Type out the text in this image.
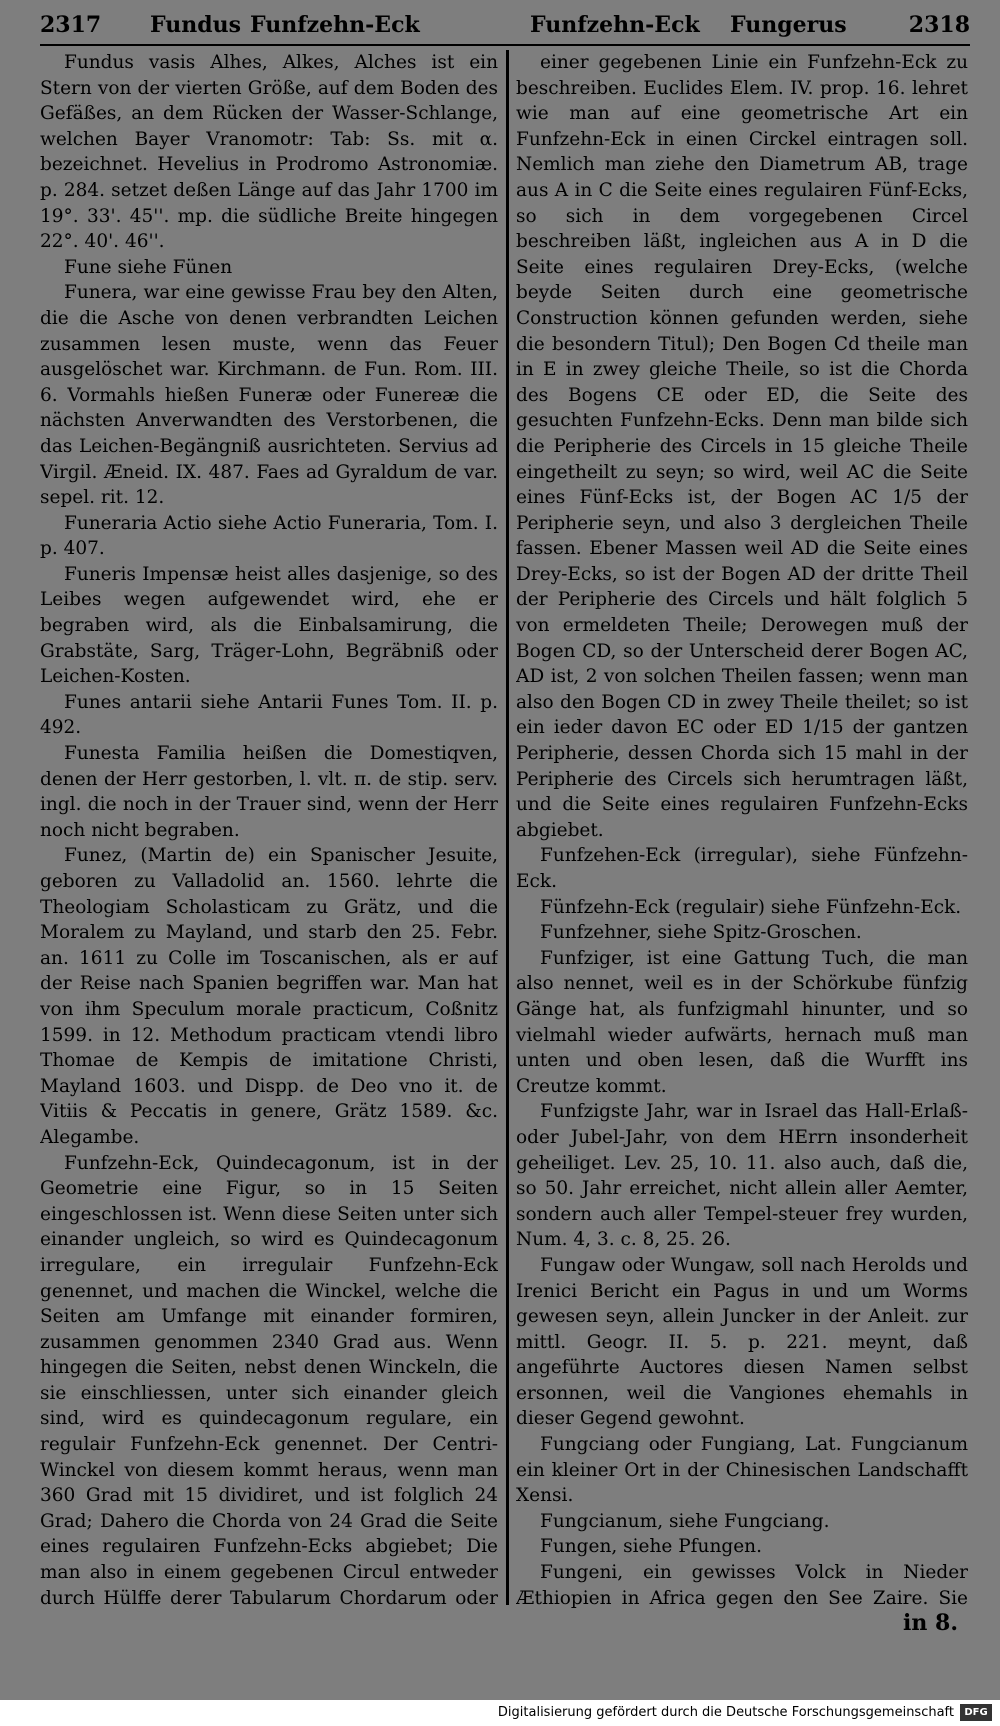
2317 Fundus Funfzehn-Eck	Funfzehn-Eck Fungerus	2318

Fundus vasis Alhes, Alkes, Alches ist ein Stern von der vierten Größe, auf dem Boden des Gefäßes, an dem Rücken der Wasser-Schlange, welchen Bayer Vranomotr: Tab: Ss. mit α. bezeichnet. Hevelius in Prodromo Astronomiæ. p. 284. setzet deßen Länge auf das Jahr 1700 im 19°. 33'. 45''. mp. die südliche Breite hingegen 22°. 40'. 46''.

Fune siehe Fünen

Funera, war eine gewisse Frau bey den Alten, die die Asche von denen verbrandten Leichen zusammen lesen muste, wenn das Feuer ausgelöschet war. Kirchmann. de Fun. Rom. III. 6. Vormahls hießen Funeræ oder Funereæ die nächsten Anverwandten des Verstorbenen, die das Leichen-Begängniß ausrichteten. Servius ad Virgil. Æneid. IX. 487. Faes ad Gyraldum de var. sepel. rit. 12.

Funeraria Actio siehe Actio Funeraria, Tom. I. p. 407.

Funeris Impensæ heist alles dasjenige, so des Leibes wegen aufgewendet wird, ehe er begraben wird, als die Einbalsamirung, die Grabstäte, Sarg, Träger-Lohn, Begräbniß oder Leichen-Kosten.

Funes antarii siehe Antarii Funes Tom. II. p. 492.

Funesta Familia heißen die Domestiqven, denen der Herr gestorben, l. vlt. π. de stip. serv. ingl. die noch in der Trauer sind, wenn der Herr noch nicht begraben.

Funez, (Martin de) ein Spanischer Jesuite, geboren zu Valladolid an. 1560. lehrte die Theologiam Scholasticam zu Grätz, und die Moralem zu Mayland, und starb den 25. Febr. an. 1611 zu Colle im Toscanischen, als er auf der Reise nach Spanien begriffen war. Man hat von ihm Speculum morale practicum, Coßnitz 1599. in 12. Methodum practicam vtendi libro Thomae de Kempis de imitatione Christi, Mayland 1603. und Dispp. de Deo vno it. de Vitiis & Peccatis in genere, Grätz 1589. &c. Alegambe.

Funfzehn-Eck, Quindecagonum, ist in der Geometrie eine Figur, so in 15 Seiten eingeschlossen ist. Wenn diese Seiten unter sich einander ungleich, so wird es Quindecagonum irregulare, ein irregulair Funfzehn-Eck genennet, und machen die Winckel, welche die Seiten am Umfange mit einander formiren, zusammen genommen 2340 Grad aus. Wenn hingegen die Seiten, nebst denen Winckeln, die sie einschliessen, unter sich einander gleich sind, wird es quindecagonum regulare, ein regulair Funfzehn-Eck genennet. Der Centri-Winckel von diesem kommt heraus, wenn man 360 Grad mit 15 dividiret, und ist folglich 24 Grad; Dahero die Chorda von 24 Grad die Seite eines regulairen Funfzehn-Ecks abgiebet; Die man also in einem gegebenen Circul entweder durch Hülffe derer Tabularum Chordarum oder

einer gegebenen Linie ein Funfzehn-Eck zu beschreiben. Euclides Elem. IV. prop. 16. lehret wie man auf eine geometrische Art ein Funfzehn-Eck in einen Circkel eintragen soll. Nemlich man ziehe den Diametrum AB, trage aus A in C die Seite eines regulairen Fünf-Ecks, so sich in dem vorgegebenen Circel beschreiben läßt, ingleichen aus A in D die Seite eines regulairen Drey-Ecks, (welche beyde Seiten durch eine geometrische Construction können gefunden werden, siehe die besondern Titul); Den Bogen Cd theile man in E in zwey gleiche Theile, so ist die Chorda des Bogens CE oder ED, die Seite des gesuchten Funfzehn-Ecks. Denn man bilde sich die Peripherie des Circels in 15 gleiche Theile eingetheilt zu seyn; so wird, weil AC die Seite eines Fünf-Ecks ist, der Bogen AC 1/5 der Peripherie seyn, und also 3 dergleichen Theile fassen. Ebener Massen weil AD die Seite eines Drey-Ecks, so ist der Bogen AD der dritte Theil der Peripherie des Circels und hält folglich 5 von ermeldeten Theile; Derowegen muß der Bogen CD, so der Unterscheid derer Bogen AC, AD ist, 2 von solchen Theilen fassen; wenn man also den Bogen CD in zwey Theile theilet; so ist ein ieder davon EC oder ED 1/15 der gantzen Peripherie, dessen Chorda sich 15 mahl in der Peripherie des Circels sich herumtragen läßt, und die Seite eines regulairen Funfzehn-Ecks abgiebet.

Funfzehen-Eck (irregular), siehe Fünfzehn-Eck.

Fünfzehn-Eck (regulair) siehe Fünfzehn-Eck.

Funfzehner, siehe Spitz-Groschen.

Funfziger, ist eine Gattung Tuch, die man also nennet, weil es in der Schörkube fünfzig Gänge hat, als funfzigmahl hinunter, und so vielmahl wieder aufwärts, hernach muß man unten und oben lesen, daß die Wurfft ins Creutze kommt.

Funfzigste Jahr, war in Israel das Hall-Erlaß- oder Jubel-Jahr, von dem HErrn insonderheit geheiliget. Lev. 25, 10. 11. also auch, daß die, so 50. Jahr erreichet, nicht allein aller Aemter, sondern auch aller Tempel-steuer frey wurden, Num. 4, 3. c. 8, 25. 26.

Fungaw oder Wungaw, soll nach Herolds und Irenici Bericht ein Pagus in und um Worms gewesen seyn, allein Juncker in der Anleit. zur mittl. Geogr. II. 5. p. 221. meynt, daß angeführte Auctores diesen Namen selbst ersonnen, weil die Vangiones ehemahls in dieser Gegend gewohnt.

Fungciang oder Fungiang, Lat. Fungcianum ein kleiner Ort in der Chinesischen Landschafft Xensi.

Fungcianum, siehe Fungciang.

Fungen, siehe Pfungen.

Fungeni, ein gewisses Volck in Nieder Æthiopien in Africa gegen den See Zaire. Sie

in 8.
Digitalisierung gefördert durch die Deutsche Forschungsgemeinschaft	DFG
